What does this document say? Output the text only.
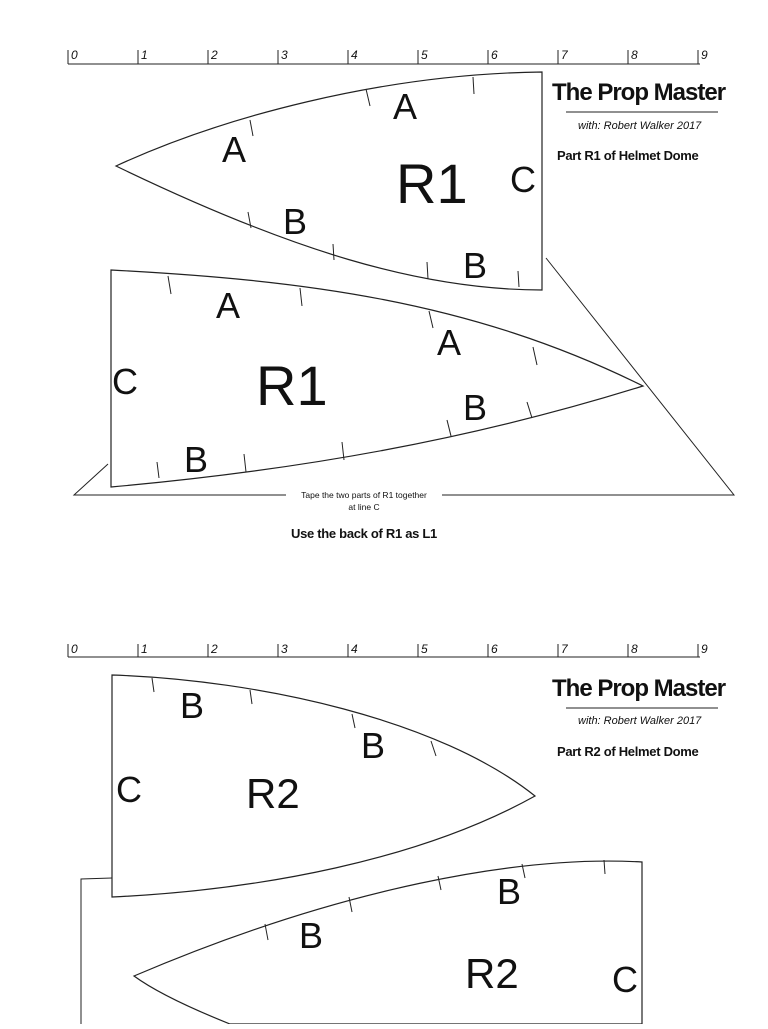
0	1	2	3	4	5	6	7	8	9
The Prop Master
with: Robert Walker 2017
Part R1 of Helmet Dome
A
A
B
B
C
R1
A
A
B
B
C R1
Tape the two parts of R1 together
at line C
Use the back of R1 as L1
0	1	2	3	4	5	6	7	8	9
The Prop Master
with: Robert Walker 2017
Part R2 of Helmet Dome
B
B
C R2
B
B
C
R2
